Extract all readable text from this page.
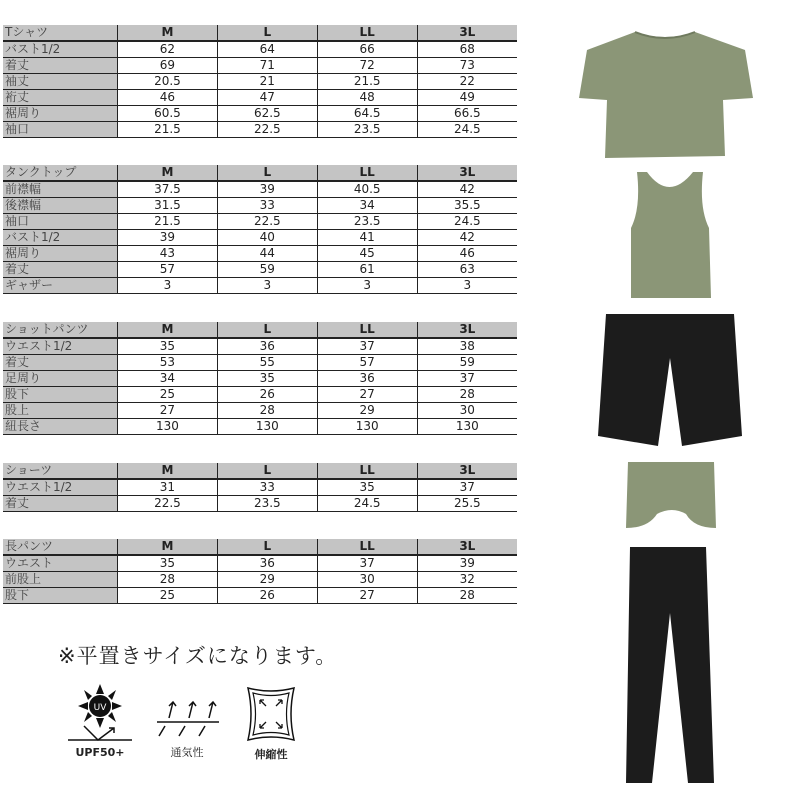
Tシャツ	M	L	LL	3L
バスト1/2	62	64	66	68
着丈	69	71	72	73
袖丈	20.5	21	21.5	22
裄丈	46	47	48	49
裾周り	60.5	62.5	64.5	66.5
袖口	21.5	22.5	23.5	24.5
タンクトップ	M	L	LL	3L
前襟幅	37.5	39	40.5	42
後襟幅	31.5	33	34	35.5
袖口	21.5	22.5	23.5	24.5
バスト1/2	39	40	41	42
裾周り	43	44	45	46
着丈	57	59	61	63
ギャザー	3	3	3	3
ショットパンツ	M	L	LL	3L
ウエスト1/2	35	36	37	38
着丈	53	55	57	59
足周り	34	35	36	37
股下	25	26	27	28
股上	27	28	29	30
紐長さ	130	130	130	130
ショーツ	M	L	LL	3L
ウエスト1/2	31	33	35	37
着丈	22.5	23.5	24.5	25.5
長パンツ	M	L	LL	3L
ウエスト	35	36	37	39
前股上	28	29	30	32
股下	25	26	27	28
※平置きサイズになります。
UV
UPF50+	通気性	伸縮性
